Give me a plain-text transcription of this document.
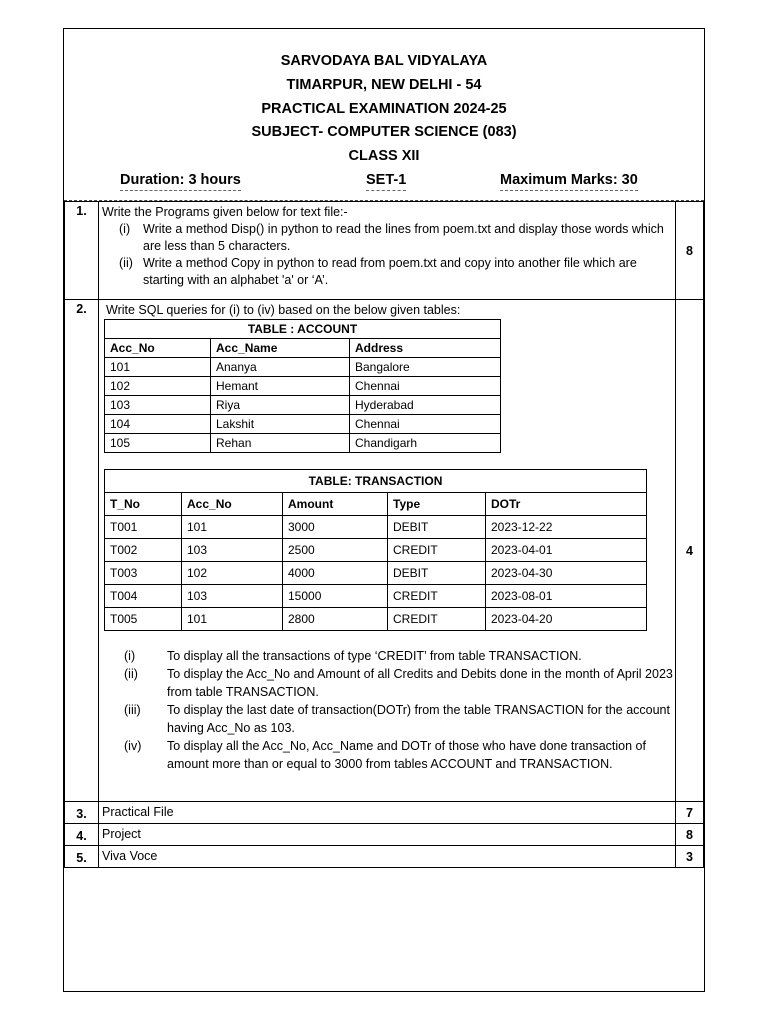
SARVODAYA BAL VIDYALAYA
TIMARPUR, NEW DELHI - 54
PRACTICAL EXAMINATION 2024-25
SUBJECT- COMPUTER SCIENCE (083)
CLASS XII
Duration: 3 hours	SET-1	Maximum Marks: 30
1.	Write the Programs given below for text file:-
(i)	Write a method Disp() in python to read the lines from poem.txt and display those words which are less than 5 characters.
(ii) Write a method Copy in python to read from poem.txt and copy into another file which are starting with an alphabet 'a' or ‘A’.
	8
2.	Write SQL queries for (i) to (iv) based on the below given tables:
TABLE : ACCOUNT
Acc_No	Acc_Name	Address
101	Ananya	Bangalore
102	Hemant	Chennai
103	Riya	Hyderabad
104	Lakshit	Chennai
105	Rehan	Chandigarh
TABLE: TRANSACTION
T_No	Acc_No	Amount	Type	DOTr
T001	101	3000	DEBIT	2023-12-22
T002	103	2500	CREDIT	2023-04-01
T003	102	4000	DEBIT	2023-04-30
T004	103	15000	CREDIT	2023-08-01
T005	101	2800	CREDIT	2023-04-20
(i)	To display all the transactions of type ‘CREDIT’ from table TRANSACTION.
(ii)	To display the Acc_No and Amount of all Credits and Debits done in the month of April 2023 from table TRANSACTION.
(iii)	To display the last date of transaction(DOTr) from the table TRANSACTION for the account having Acc_No as 103.
(iv)	To display all the Acc_No, Acc_Name and DOTr of those who have done transaction of amount more than or equal to 3000 from tables ACCOUNT and TRANSACTION.
	4
3.	Practical File	7
4.	Project	8
5.	Viva Voce	3
